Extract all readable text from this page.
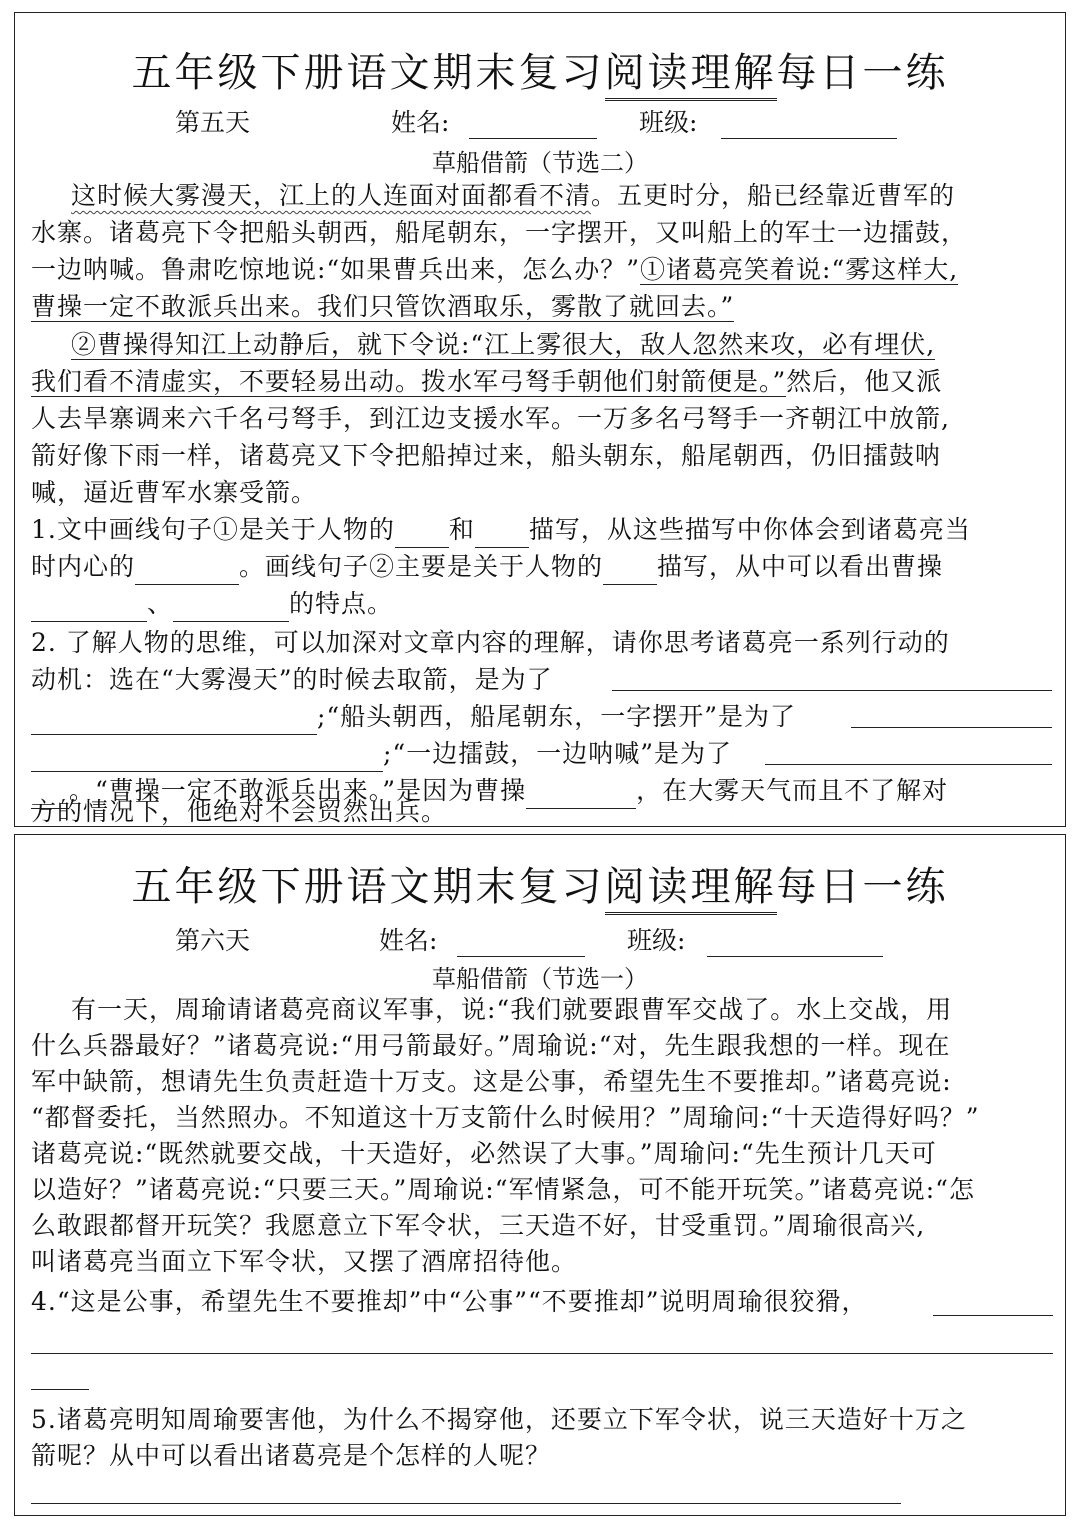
五年级下册语文期末复习阅读理解每日一练
第五天	姓名:	班级:
草船借箭（节选二）
这时候大雾漫天，江上的人连面对面都看不清。五更时分，船已经靠近曹军的
水寨。诸葛亮下令把船头朝西，船尾朝东，一字摆开，又叫船上的军士一边擂鼓，
一边呐喊。鲁肃吃惊地说:“如果曹兵出来，怎么办？”①诸葛亮笑着说:“雾这样大,
曹操一定不敢派兵出来。我们只管饮酒取乐，雾散了就回去。”
②曹操得知江上动静后，就下令说:“江上雾很大，敌人忽然来攻，必有埋伏,
我们看不清虚实，不要轻易出动。拨水军弓弩手朝他们射箭便是。”然后，他又派
人去旱寨调来六千名弓弩手，到江边支援水军。一万多名弓弩手一齐朝江中放箭,
箭好像下雨一样，诸葛亮又下令把船掉过来，船头朝东，船尾朝西，仍旧擂鼓呐
喊，逼近曹军水寨受箭。
1.文中画线句子①是关于人物的 和 描写，从这些描写中你体会到诸葛亮当
时内心的	。画线句子②主要是关于人物的 描写，从中可以看出曹操
、	的特点。
2. 了解人物的思维，可以加深对文章内容的理解，请你思考诸葛亮一系列行动的
动机：选在“大雾漫天”的时候去取箭，是为了
;“船头朝西，船尾朝东，一字摆开”是为了
;“一边擂鼓，一边呐喊”是为了
。“曹操一定不敢派兵出来。”是因为曹操	，在大雾天气而且不了解对
方的情况下，他绝对不会贸然出兵。
五年级下册语文期末复习阅读理解每日一练
第六天	姓名:	班级:
草船借箭（节选一）
有一天，周瑜请诸葛亮商议军事，说:“我们就要跟曹军交战了。水上交战，用
什么兵器最好？”诸葛亮说:“用弓箭最好。”周瑜说:“对，先生跟我想的一样。现在
军中缺箭，想请先生负责赶造十万支。这是公事，希望先生不要推却。”诸葛亮说:
“都督委托，当然照办。不知道这十万支箭什么时候用？”周瑜问:“十天造得好吗？”
诸葛亮说:“既然就要交战，十天造好，必然误了大事。”周瑜问:“先生预计几天可
以造好？”诸葛亮说:“只要三天。”周瑜说:“军情紧急，可不能开玩笑。”诸葛亮说:“怎
么敢跟都督开玩笑？我愿意立下军令状，三天造不好，甘受重罚。”周瑜很高兴,
叫诸葛亮当面立下军令状，又摆了酒席招待他。
4.“这是公事，希望先生不要推却”中“公事”“不要推却”说明周瑜很狡猾，
5.诸葛亮明知周瑜要害他，为什么不揭穿他，还要立下军令状，说三天造好十万之
箭呢？从中可以看出诸葛亮是个怎样的人呢？
